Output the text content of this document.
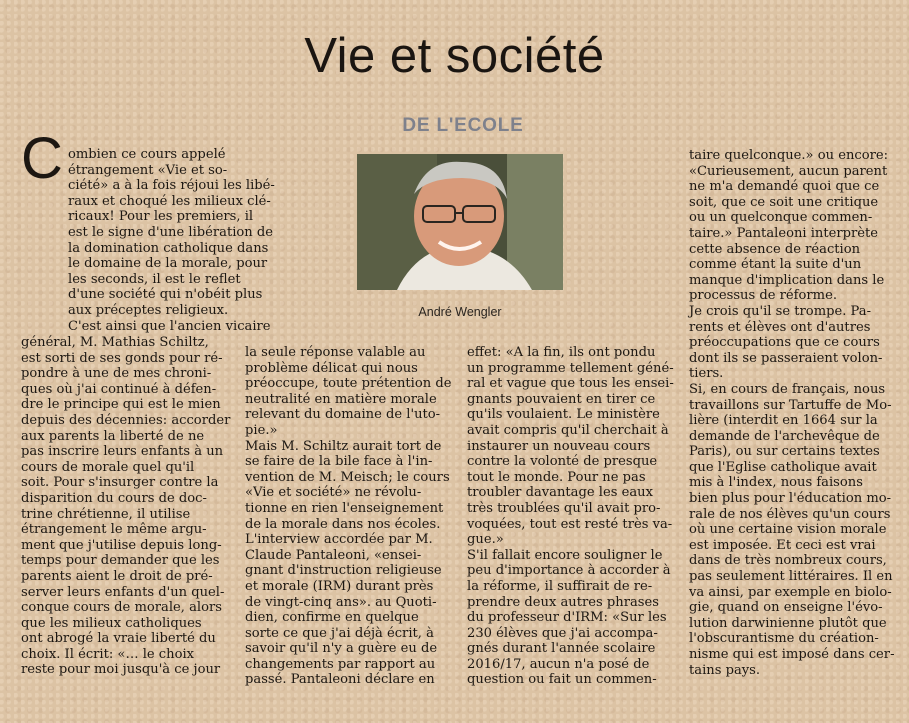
Vie et société
DE L'ECOLE
André Wengler
C ombien ce cours appelé
étrangement «Vie et so-
ciété» a à la fois réjoui les libé-
raux et choqué les milieux clé-
ricaux! Pour les premiers, il
est le signe d'une libération de
la domination catholique dans
le domaine de la morale, pour
les seconds, il est le reflet
d'une société qui n'obéit plus
aux préceptes religieux.
C'est ainsi que l'ancien vicaire
général, M. Mathias Schiltz,
est sorti de ses gonds pour ré-
pondre à une de mes chroni-
ques où j'ai continué à défen-
dre le principe qui est le mien
depuis des décennies: accorder
aux parents la liberté de ne
pas inscrire leurs enfants à un
cours de morale quel qu'il
soit. Pour s'insurger contre la
disparition du cours de doc-
trine chrétienne, il utilise
étrangement le même argu-
ment que j'utilise depuis long-
temps pour demander que les
parents aient le droit de pré-
server leurs enfants d'un quel-
conque cours de morale, alors
que les milieux catholiques
ont abrogé la vraie liberté du
choix. Il écrit: «… le choix
reste pour moi jusqu'à ce jour
la seule réponse valable au
problème délicat qui nous
préoccupe, toute prétention de
neutralité en matière morale
relevant du domaine de l'uto-
pie.»
Mais M. Schiltz aurait tort de
se faire de la bile face à l'in-
vention de M. Meisch; le cours
«Vie et société» ne révolu-
tionne en rien l'enseignement
de la morale dans nos écoles.
L'interview accordée par M.
Claude Pantaleoni, «ensei-
gnant d'instruction religieuse
et morale (IRM) durant près
de vingt-cinq ans». au Quoti-
dien, confirme en quelque
sorte ce que j'ai déjà écrit, à
savoir qu'il n'y a guère eu de
changements par rapport au
passé. Pantaleoni déclare en
effet: «A la fin, ils ont pondu
un programme tellement géné-
ral et vague que tous les ensei-
gnants pouvaient en tirer ce
qu'ils voulaient. Le ministère
avait compris qu'il cherchait à
instaurer un nouveau cours
contre la volonté de presque
tout le monde. Pour ne pas
troubler davantage les eaux
très troublées qu'il avait pro-
voquées, tout est resté très va-
gue.»
S'il fallait encore souligner le
peu d'importance à accorder à
la réforme, il suffirait de re-
prendre deux autres phrases
du professeur d'IRM: «Sur les
230 élèves que j'ai accompa-
gnés durant l'année scolaire
2016/17, aucun n'a posé de
question ou fait un commen-
taire quelconque.» ou encore:
«Curieusement, aucun parent
ne m'a demandé quoi que ce
soit, que ce soit une critique
ou un quelconque commen-
taire.» Pantaleoni interprète
cette absence de réaction
comme étant la suite d'un
manque d'implication dans le
processus de réforme.
Je crois qu'il se trompe. Pa-
rents et élèves ont d'autres
préoccupations que ce cours
dont ils se passeraient volon-
tiers.
Si, en cours de français, nous
travaillons sur Tartuffe de Mo-
lière (interdit en 1664 sur la
demande de l'archevêque de
Paris), ou sur certains textes
que l'Eglise catholique avait
mis à l'index, nous faisons
bien plus pour l'éducation mo-
rale de nos élèves qu'un cours
où une certaine vision morale
est imposée. Et ceci est vrai
dans de très nombreux cours,
pas seulement littéraires. Il en
va ainsi, par exemple en biolo-
gie, quand on enseigne l'évo-
lution darwinienne plutôt que
l'obscurantisme du création-
nisme qui est imposé dans cer-
tains pays.
